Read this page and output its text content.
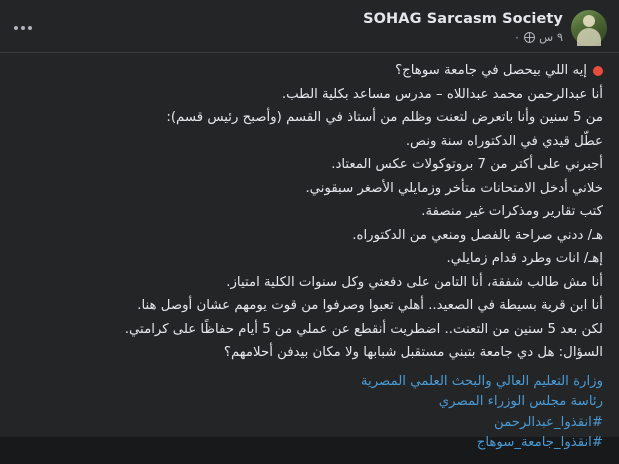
SOHAG Sarcasm Society
٩ س
٠

إيه اللي بيحصل في جامعة سوهاج؟

أنا عبدالرحمن محمد عبداللاه – مدرس مساعد بكلية الطب.

من 5 سنين وأنا باتعرض لتعنت وظلم من أستاذ في القسم (وأصبح رئيس قسم):

عطّل قيدي في الدكتوراه سنة ونص.

أجبرني على أكتر من 7 بروتوكولات عكس المعتاد.

خلاني أدخل الامتحانات متأخر وزمايلي الأصغر سبقوني.

كتب تقارير ومذكرات غير منصفة.

هـ/ ددني صراحة بالفصل ومنعي من الدكتوراه.

إهـ/ انات وطرد قدام زمايلي.

أنا مش طالب شفقة، أنا التامن على دفعتي وكل سنوات الكلية امتياز.

أنا ابن قرية بسيطة في الصعيد.. أهلي تعبوا وصرفوا من قوت يومهم عشان أوصل هنا.

لكن بعد 5 سنين من التعنت.. اضطريت أنقطع عن عملي من 5 أيام حفاظًا على كرامتي.

السؤال: هل دي جامعة بتبني مستقبل شبابها ولا مكان بيدفن أحلامهم؟

وزارة التعليم العالي والبحث العلمي المصرية
رئاسة مجلس الوزراء المصري
#انقذوا_عبدالرحمن
#انقذوا_جامعة_سوهاج
